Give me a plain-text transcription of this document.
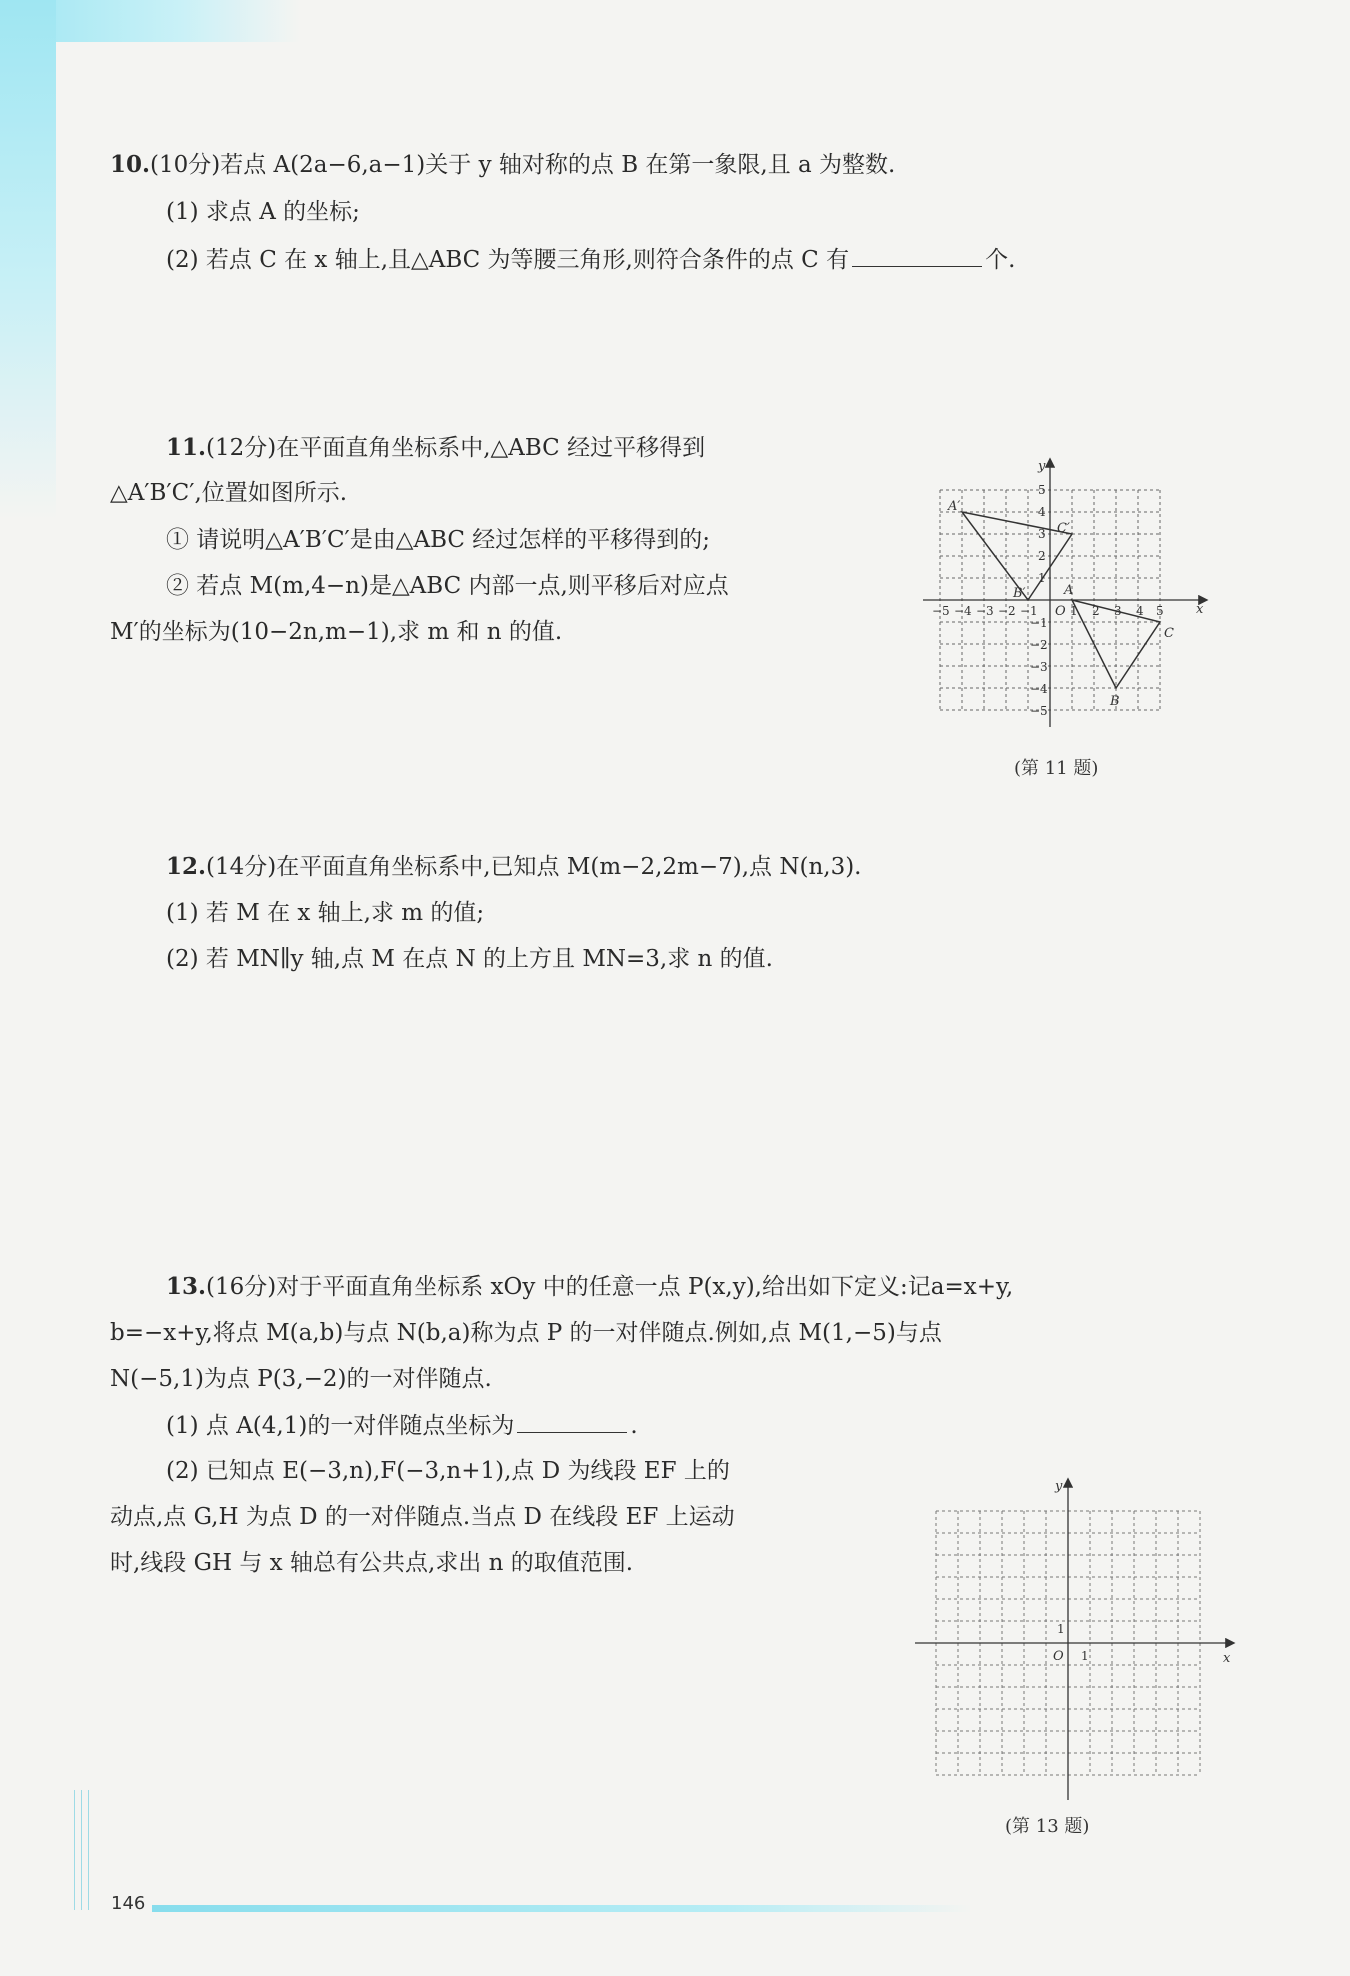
146
10.(10分)若点 A(2a−6,a−1)关于 y 轴对称的点 B 在第一象限,且 a 为整数.
(1) 求点 A 的坐标;
(2) 若点 C 在 x 轴上,且△ABC 为等腰三角形,则符合条件的点 C 有	个.
11.(12分)在平面直角坐标系中,△ABC 经过平移得到
△A′B′C′,位置如图所示.
① 请说明△A′B′C′是由△ABC 经过怎样的平移得到的;
② 若点 M(m,4−n)是△ABC 内部一点,则平移后对应点
M′的坐标为(10−2n,m−1),求 m 和 n 的值.
x
y
O
−5 −4 −3 −2 −1	1 2 3 4 5
1
2
3
4
5
−1
−2
−3
−4
−5
A′
B′
C′
A
B
C
(第 11 题)
12.(14分)在平面直角坐标系中,已知点 M(m−2,2m−7),点 N(n,3).
(1) 若 M 在 x 轴上,求 m 的值;
(2) 若 MN∥y 轴,点 M 在点 N 的上方且 MN=3,求 n 的值.
13.(16分)对于平面直角坐标系 xOy 中的任意一点 P(x,y),给出如下定义:记a=x+y,
b=−x+y,将点 M(a,b)与点 N(b,a)称为点 P 的一对伴随点.例如,点 M(1,−5)与点
N(−5,1)为点 P(3,−2)的一对伴随点.
(1) 点 A(4,1)的一对伴随点坐标为	.
(2) 已知点 E(−3,n),F(−3,n+1),点 D 为线段 EF 上的
动点,点 G,H 为点 D 的一对伴随点.当点 D 在线段 EF 上运动
时,线段 GH 与 x 轴总有公共点,求出 n 的取值范围.
x
y
O 1
1
(第 13 题)
